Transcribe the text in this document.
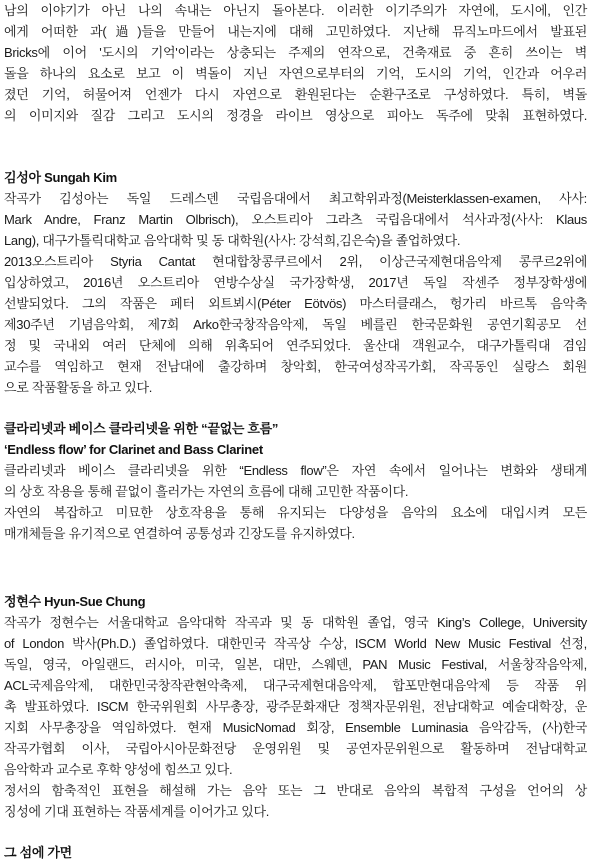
남의 이야기가 아닌 나의 속내는 아닌지 돌아본다. 이러한 이기주의가 자연에, 도시에, 인간
에게 어떠한 과(過)들을 만들어 내는지에 대해 고민하였다. 지난해 뮤직노마드에서 발표된
Bricks에 이어 '도시의 기억'이라는 상충되는 주제의 연작으로, 건축재료 중 흔히 쓰이는 벽
돌을 하나의 요소로 보고 이 벽돌이 지닌 자연으로부터의 기억, 도시의 기억, 인간과 어우러
졌던 기억, 허물어져 언젠가 다시 자연으로 환원된다는 순환구조로 구성하였다. 특히, 벽돌
의 이미지와 질감 그리고 도시의 정경을 라이브 영상으로 피아노 독주에 맞춰 표현하였다.
김성아 Sungah Kim
작곡가 김성아는 독일 드레스덴 국립음대에서 최고학위과정(Meisterklassen-examen, 사사:
Mark Andre, Franz Martin Olbrisch), 오스트리아 그라츠 국립음대에서 석사과정(사사: Klaus
Lang), 대구가톨릭대학교 음악대학 및 동 대학원(사사: 강석희,김은숙)을 졸업하였다.
2013오스트리아 Styria Cantat 현대합창콩쿠르에서 2위, 이상근국제현대음악제 콩쿠르2위에
입상하였고, 2016년 오스트리아 연방수상실 국가장학생, 2017년 독일 작센주 정부장학생에
선발되었다. 그의 작품은 페터 외트뵈시(Péter Eötvös) 마스터클래스, 헝가리 바르톡 음악축
제30주년 기념음악회, 제7회 Arko한국창작음악제, 독일 베를린 한국문화원 공연기획공모 선
정 및 국내외 여러 단체에 의해 위촉되어 연주되었다. 울산대 객원교수, 대구가톨릭대 겸임
교수를 역임하고 현재 전남대에 출강하며 창악회, 한국여성작곡가회, 작곡동인 실랑스 회원
으로 작품활동을 하고 있다.
클라리넷과 베이스 클라리넷을 위한 “끝없는 흐름”
‘Endless flow’ for Clarinet and Bass Clarinet
클라리넷과 베이스 클라리넷을 위한 “Endless flow”은 자연 속에서 일어나는 변화와 생태계
의 상호 작용을 통해 끝없이 흘러가는 자연의 흐름에 대해 고민한 작품이다.
자연의 복잡하고 미묘한 상호작용을 통해 유지되는 다양성을 음악의 요소에 대입시켜 모든
매개체들을 유기적으로 연결하여 공통성과 긴장도를 유지하였다.
정현수 Hyun-Sue Chung
작곡가 정현수는 서울대학교 음악대학 작곡과 및 동 대학원 졸업, 영국 King’s College, University
of London 박사(Ph.D.) 졸업하였다. 대한민국 작곡상 수상, ISCM World New Music Festival 선정,
독일, 영국, 아일랜드, 러시아, 미국, 일본, 대만, 스웨덴, PAN Music Festival, 서울창작음악제,
ACL국제음악제, 대한민국창작관현악축제, 대구국제현대음악제, 합포만현대음악제 등 작품 위
촉 발표하였다. ISCM 한국위원회 사무총장, 광주문화재단 정책자문위원, 전남대학교 예술대학장, 운
지회 사무총장을 역임하였다. 현재 MusicNomad 회장, Ensemble Luminasia 음악감독, (사)한국
작곡가협회 이사, 국립아시아문화전당 운영위원 및 공연자문위원으로 활동하며 전남대학교
음악학과 교수로 후학 양성에 힘쓰고 있다.
정서의 함축적인 표현을 해설해 가는 음악 또는 그 반대로 음악의 복합적 구성을 언어의 상
징성에 기대 표현하는 작품세계를 이어가고 있다.
그 섬에 가면
